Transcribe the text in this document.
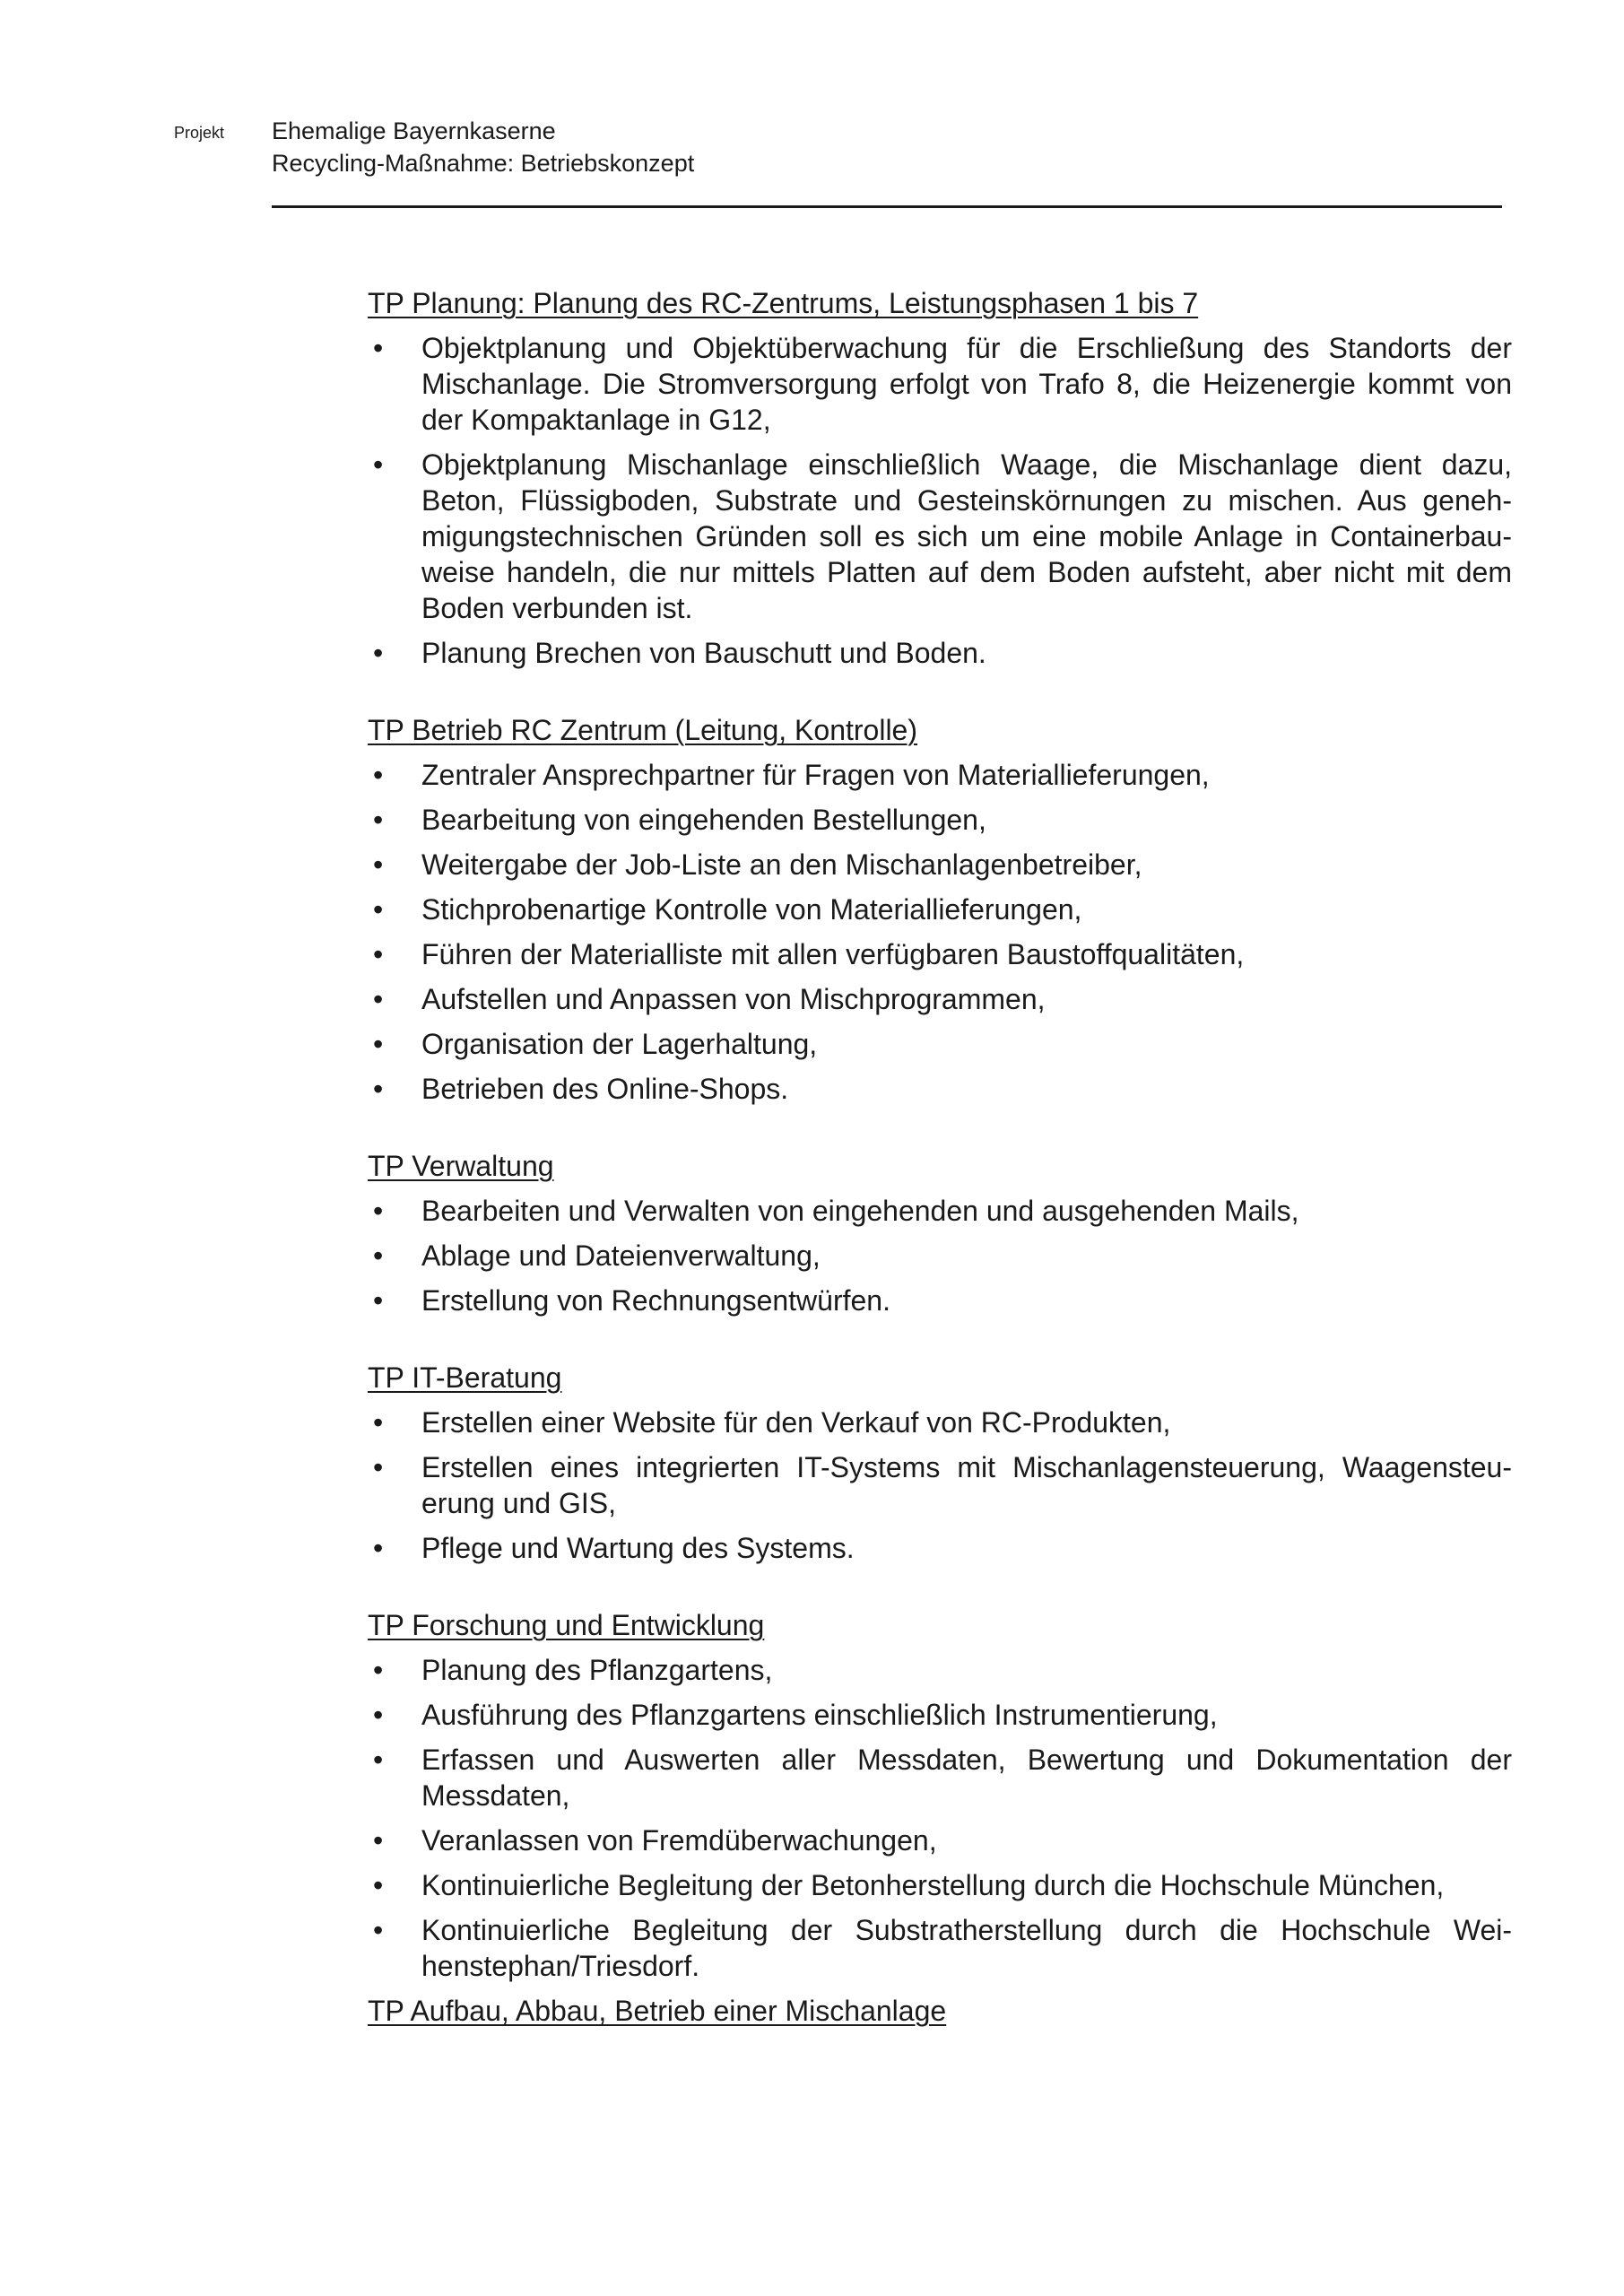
Projekt Ehemalige Bayernkaserne
Recycling-Maßnahme: Betriebskonzept
TP Planung: Planung des RC-Zentrums, Leistungsphasen 1 bis 7
• Objektplanung und Objektüberwachung für die Erschließung des Standorts der Mischanlage. Die Stromversorgung erfolgt von Trafo 8, die Heizenergie kommt von der Kompaktanlage in G12,
• Objektplanung Mischanlage einschließlich Waage, die Mischanlage dient dazu, Beton, Flüssigboden, Substrate und Gesteinskörnungen zu mischen. Aus genehmigungstechnischen Gründen soll es sich um eine mobile Anlage in Containerbauweise handeln, die nur mittels Platten auf dem Boden aufsteht, aber nicht mit dem Boden verbunden ist.
• Planung Brechen von Bauschutt und Boden.
TP Betrieb RC Zentrum (Leitung, Kontrolle)
• Zentraler Ansprechpartner für Fragen von Materiallieferungen,
• Bearbeitung von eingehenden Bestellungen,
• Weitergabe der Job-Liste an den Mischanlagenbetreiber,
• Stichprobenartige Kontrolle von Materiallieferungen,
• Führen der Materialliste mit allen verfügbaren Baustoffqualitäten,
• Aufstellen und Anpassen von Mischprogrammen,
• Organisation der Lagerhaltung,
• Betrieben des Online-Shops.
TP Verwaltung
• Bearbeiten und Verwalten von eingehenden und ausgehenden Mails,
• Ablage und Dateienverwaltung,
• Erstellung von Rechnungsentwürfen.
TP IT-Beratung
• Erstellen einer Website für den Verkauf von RC-Produkten,
• Erstellen eines integrierten IT-Systems mit Mischanlagensteuerung, Waagensteuerung und GIS,
• Pflege und Wartung des Systems.
TP Forschung und Entwicklung
• Planung des Pflanzgartens,
• Ausführung des Pflanzgartens einschließlich Instrumentierung,
• Erfassen und Auswerten aller Messdaten, Bewertung und Dokumentation der Messdaten,
• Veranlassen von Fremdüberwachungen,
• Kontinuierliche Begleitung der Betonherstellung durch die Hochschule München,
• Kontinuierliche Begleitung der Substratherstellung durch die Hochschule Weihenstephan/Triesdorf.
TP Aufbau, Abbau, Betrieb einer Mischanlage
